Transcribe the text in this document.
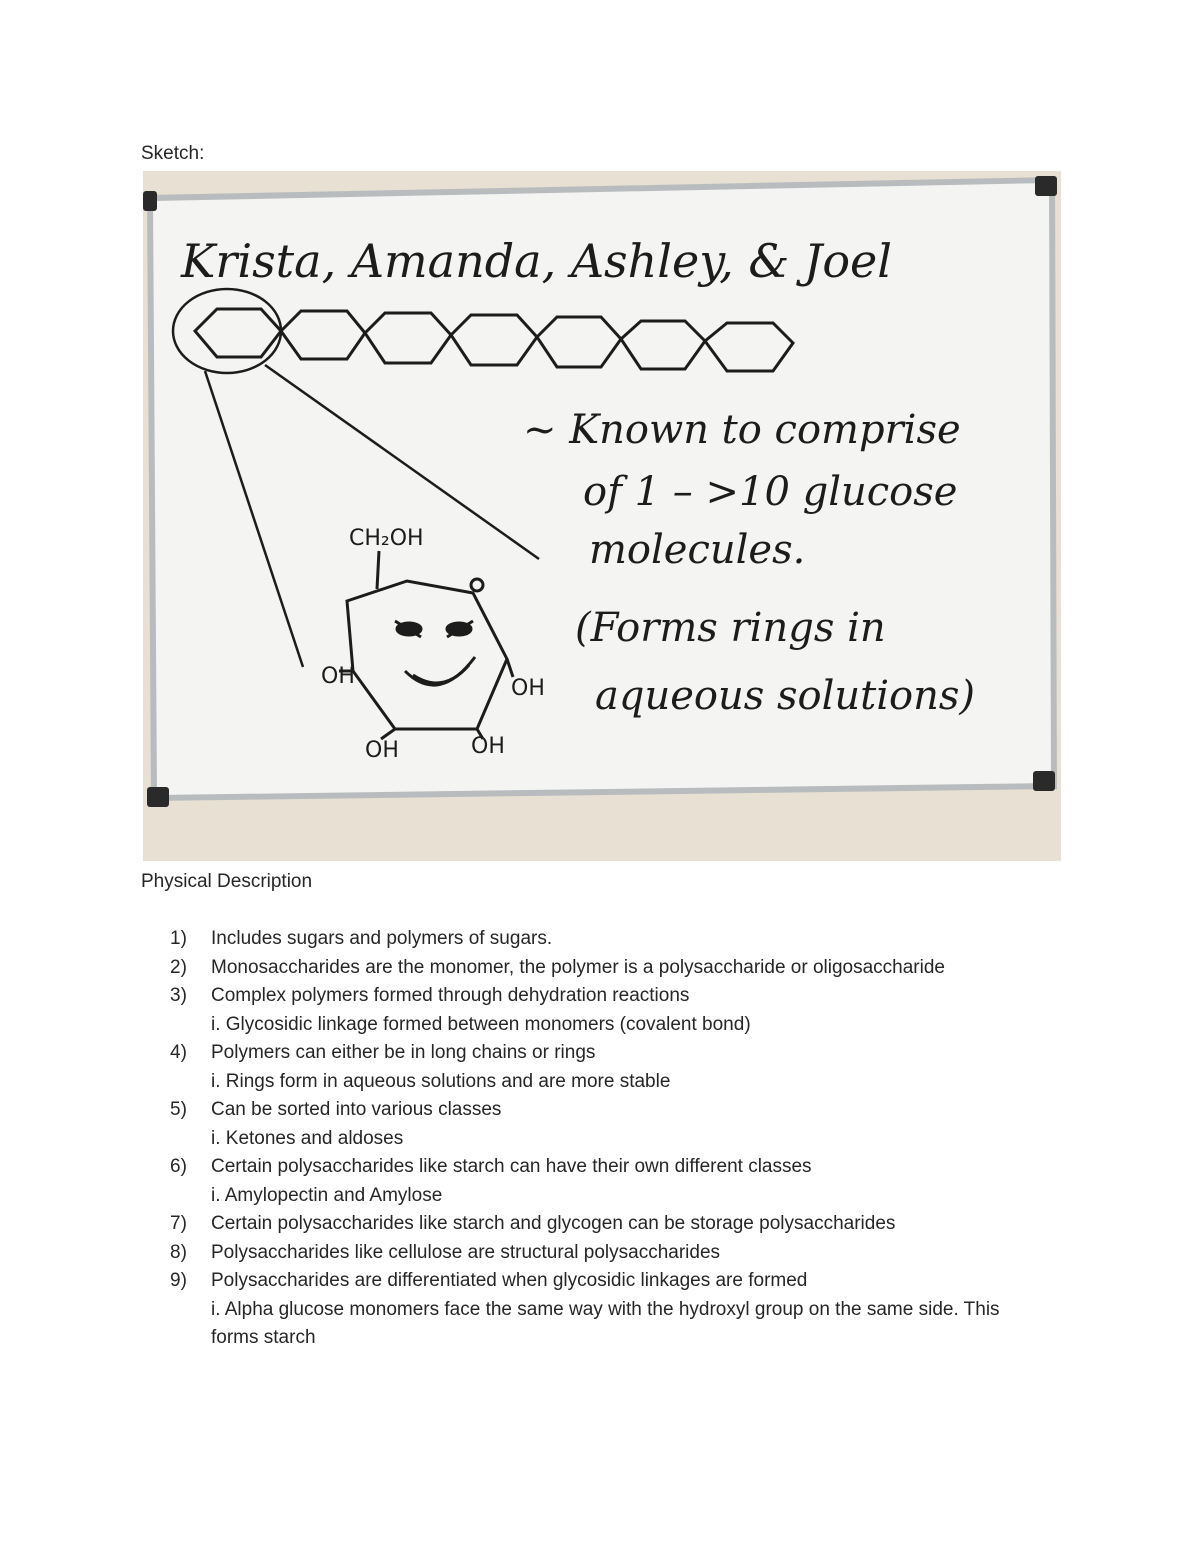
Sketch:
Krista, Amanda, Ashley, & Joel
CH₂OH
OH	OH
OH	OH
~ Known to comprise
of 1 – >10 glucose
molecules.
(Forms rings in
aqueous solutions)
Physical Description
1) Includes sugars and polymers of sugars.
2) Monosaccharides are the monomer, the polymer is a polysaccharide or oligosaccharide
3) Complex polymers formed through dehydration reactions
i. Glycosidic linkage formed between monomers (covalent bond)
4) Polymers can either be in long chains or rings
i. Rings form in aqueous solutions and are more stable
5) Can be sorted into various classes
i. Ketones and aldoses
6) Certain polysaccharides like starch can have their own different classes
i. Amylopectin and Amylose
7) Certain polysaccharides like starch and glycogen can be storage polysaccharides
8) Polysaccharides like cellulose are structural polysaccharides
9) Polysaccharides are differentiated when glycosidic linkages are formed
i. Alpha glucose monomers face the same way with the hydroxyl group on the same side. This forms starch
